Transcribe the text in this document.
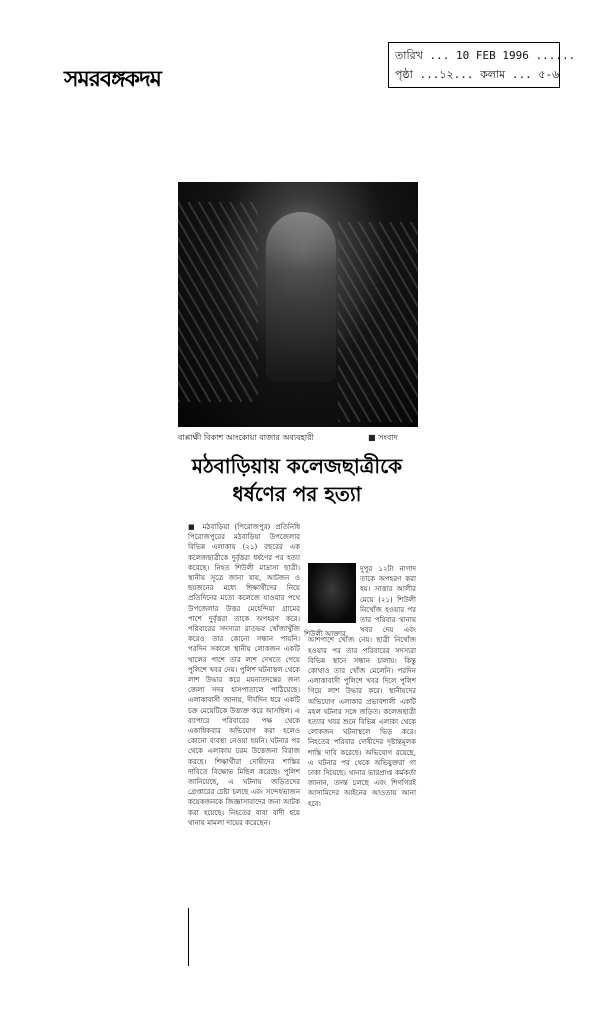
সমরবঙ্গকদম
তারিখ ... 10 FEB 1996 ......
পৃষ্ঠা ...১২... কলাম ... ৫-৬
বাপ্পার্ক্ষী বিকাশ আংকোয়া বাজার অব্যবহারী	■ সংবাদ
মঠবাড়িয়ায় কলেজছাত্রীকে
ধর্ষণের পর হত্যা
■ মঠবাড়িয়া (পিরোজপুর) প্রতিনিধি পিরোজপুরের মঠবাড়িয়া উপজেলার বিভিন্ন এলাকায় (২১) বছরের এক কলেজছাত্রীকে দুর্বৃত্তরা ধর্ষণের পর হত্যা করেছে। নিহত শিউলী মাদ্রাসা ছাত্রী। স্থানীয় সূত্রে জানা যায়, আটজন ও ছয়জনের মধ্যে শিক্ষার্থীদের নিয়ে প্রতিদিনের মতো কলেজে যাওয়ার পথে উপজেলার উত্তর মেহেন্দিয়া গ্রামের পাশে দুর্বৃত্তরা তাকে অপহরণ করে। পরিবারের সদস্যরা রাতভর খোঁজাখুঁজি করেও তার কোনো সন্ধান পায়নি। পরদিন সকালে স্থানীয় লোকজন একটি খালের পাশে তার লাশ দেখতে পেয়ে পুলিশে খবর দেয়। পুলিশ ঘটনাস্থল থেকে লাশ উদ্ধার করে ময়নাতদন্তের জন্য জেলা সদর হাসপাতালে পাঠিয়েছে। এলাকাবাসী জানায়, দীর্ঘদিন ধরে একটি চক্র মেয়েটিকে উত্ত্যক্ত করে আসছিল। এ ব্যাপারে পরিবারের পক্ষ থেকে একাধিকবার অভিযোগ করা হলেও কোনো ব্যবস্থা নেওয়া হয়নি। ঘটনার পর থেকে এলাকায় চরম উত্তেজনা বিরাজ করছে। শিক্ষার্থীরা দোষীদের শাস্তির দাবিতে বিক্ষোভ মিছিল করেছে। পুলিশ জানিয়েছে, এ ঘটনায় জড়িতদের গ্রেপ্তারের চেষ্টা চলছে এবং সন্দেহভাজন কয়েকজনকে জিজ্ঞাসাবাদের জন্য আটক করা হয়েছে। নিহতের বাবা বাদী হয়ে থানায় মামলা দায়ের করেছেন।
শিউলী আক্তার
দুপুর ১২টা নাগাদ তাকে অপহরণ করা হয়। সাত্তার আলীর মেয়ে (২১) শিউলী নিখোঁজ হওয়ার পর তার পরিবার থানায় খবর দেয় এবং আশপাশে খোঁজ নেয়। ছাত্রী নিখোঁজ হওয়ার পর তার পরিবারের সদস্যরা বিভিন্ন স্থানে সন্ধান চালায়। কিন্তু কোথাও তার খোঁজ মেলেনি। পরদিন এলাকাবাসী পুলিশে খবর দিলে পুলিশ গিয়ে লাশ উদ্ধার করে। স্থানীয়দের অভিযোগ এলাকার প্রভাবশালী একটি মহল ঘটনার সঙ্গে জড়িত। কলেজছাত্রী হত্যার খবর শুনে বিভিন্ন এলাকা থেকে লোকজন ঘটনাস্থলে ভিড় করে। নিহতের পরিবার দোষীদের দৃষ্টান্তমূলক শাস্তি দাবি করেছে। অভিযোগ রয়েছে, এ ঘটনার পর থেকে অভিযুক্তরা গা ঢাকা দিয়েছে। থানার ভারপ্রাপ্ত কর্মকর্তা জানান, তদন্ত চলছে এবং শিগগিরই আসামিদের আইনের আওতায় আনা হবে।
